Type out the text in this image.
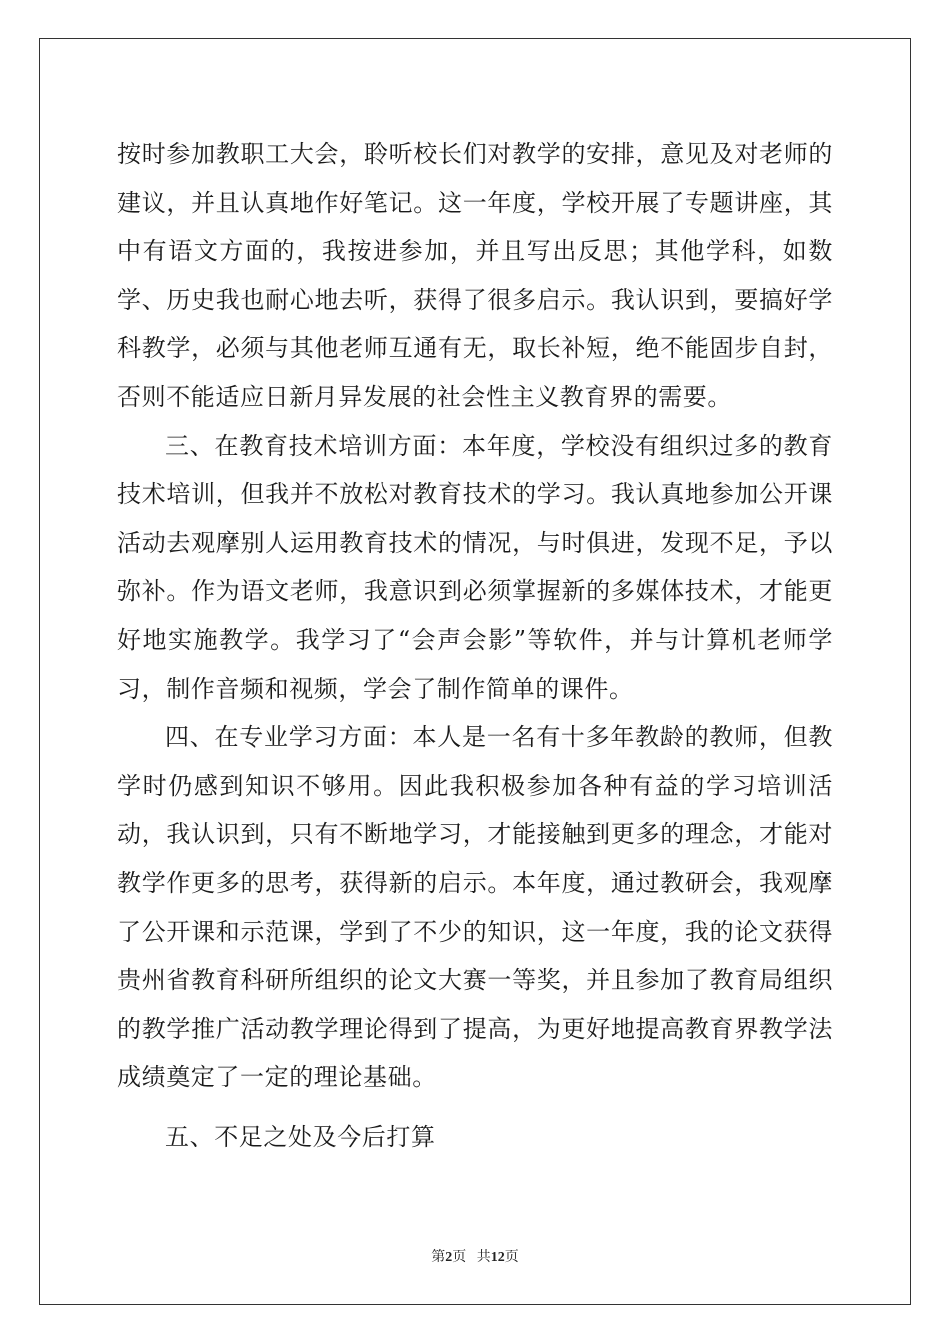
按时参加教职工大会，聆听校长们对教学的安排，意见及对老师的建议，并且认真地作好笔记。这一年度，学校开展了专题讲座，其中有语文方面的，我按进参加，并且写出反思；其他学科，如数学、历史我也耐心地去听，获得了很多启示。我认识到，要搞好学科教学，必须与其他老师互通有无，取长补短，绝不能固步自封，否则不能适应日新月异发展的社会性主义教育界的需要。

三、在教育技术培训方面：本年度，学校没有组织过多的教育技术培训，但我并不放松对教育技术的学习。我认真地参加公开课活动去观摩别人运用教育技术的情况，与时俱进，发现不足，予以弥补。作为语文老师，我意识到必须掌握新的多媒体技术，才能更好地实施教学。我学习了“会声会影”等软件，并与计算机老师学习，制作音频和视频，学会了制作简单的课件。

四、在专业学习方面：本人是一名有十多年教龄的教师，但教学时仍感到知识不够用。因此我积极参加各种有益的学习培训活动，我认识到，只有不断地学习，才能接触到更多的理念，才能对教学作更多的思考，获得新的启示。本年度，通过教研会，我观摩了公开课和示范课，学到了不少的知识，这一年度，我的论文获得贵州省教育科研所组织的论文大赛一等奖，并且参加了教育局组织的教学推广活动教学理论得到了提高，为更好地提高教育界教学法成绩奠定了一定的理论基础。

五、不足之处及今后打算

第2页 共12页
